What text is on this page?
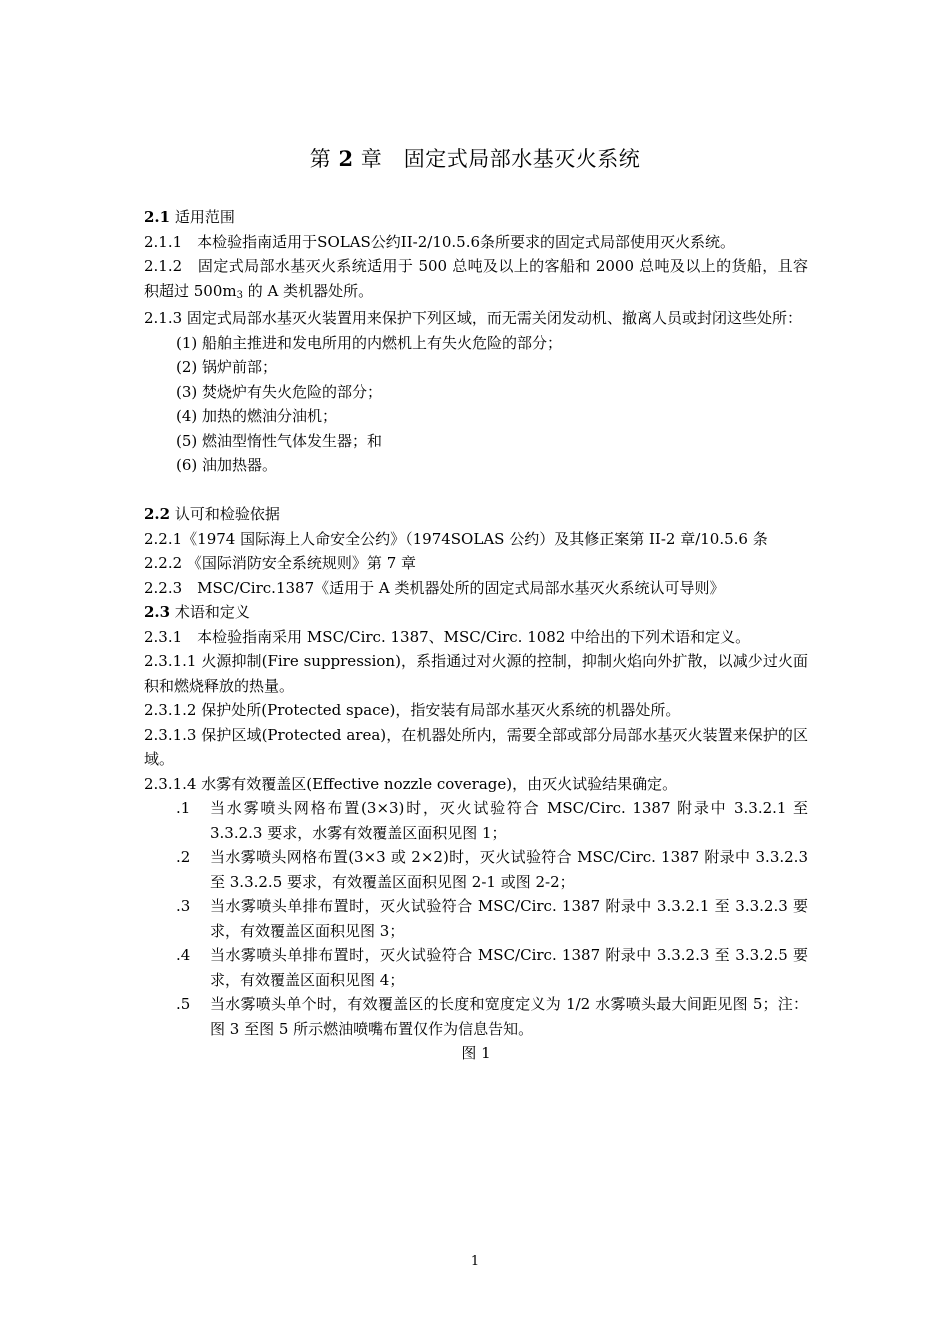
第 2 章　固定式局部水基灭火系统

2.1 适用范围

2.1.1　本检验指南适用于SOLAS公约II-2/10.5.6条所要求的固定式局部使用灭火系统。

2.1.2　固定式局部水基灭火系统适用于 500 总吨及以上的客船和 2000 总吨及以上的货船，且容积超过 $500m_3$ 的 A 类机器处所。

2.1.3 固定式局部水基灭火装置用来保护下列区域，而无需关闭发动机、撤离人员或封闭这些处所：

(1) 船舶主推进和发电所用的内燃机上有失火危险的部分；

(2) 锅炉前部；

(3) 焚烧炉有失火危险的部分；

(4) 加热的燃油分油机；

(5) 燃油型惰性气体发生器；和

(6) 油加热器。

2.2 认可和检验依据

2.2.1《1974 国际海上人命安全公约》（1974SOLAS 公约）及其修正案第 II-2 章/10.5.6 条

2.2.2 《国际消防安全系统规则》第 7 章

2.2.3　MSC/Circ.1387《适用于 A 类机器处所的固定式局部水基灭火系统认可导则》

2.3 术语和定义

2.3.1　本检验指南采用 MSC/Circ. 1387、MSC/Circ. 1082 中给出的下列术语和定义。

2.3.1.1 火源抑制(Fire suppression)，系指通过对火源的控制，抑制火焰向外扩散，以减少过火面积和燃烧释放的热量。

2.3.1.2 保护处所(Protected space)，指安装有局部水基灭火系统的机器处所。

2.3.1.3 保护区域(Protected area)，在机器处所内，需要全部或部分局部水基灭火装置来保护的区域。

2.3.1.4 水雾有效覆盖区(Effective nozzle coverage)，由灭火试验结果确定。

.1	当水雾喷头网格布置(3×3)时，灭火试验符合 MSC/Circ. 1387 附录中 3.3.2.1 至 3.3.2.3 要求，水雾有效覆盖区面积见图 1；
.2	当水雾喷头网格布置(3×3 或 2×2)时，灭火试验符合 MSC/Circ. 1387 附录中 3.3.2.3 至 3.3.2.5 要求，有效覆盖区面积见图 2-1 或图 2-2；
.3	当水雾喷头单排布置时，灭火试验符合 MSC/Circ. 1387 附录中 3.3.2.1 至 3.3.2.3 要求，有效覆盖区面积见图 3；
.4	当水雾喷头单排布置时，灭火试验符合 MSC/Circ. 1387 附录中 3.3.2.3 至 3.3.2.5 要求，有效覆盖区面积见图 4；
.5	当水雾喷头单个时，有效覆盖区的长度和宽度定义为 1/2 水雾喷头最大间距见图 5；注：图 3 至图 5 所示燃油喷嘴布置仅作为信息告知。

图 1

1
